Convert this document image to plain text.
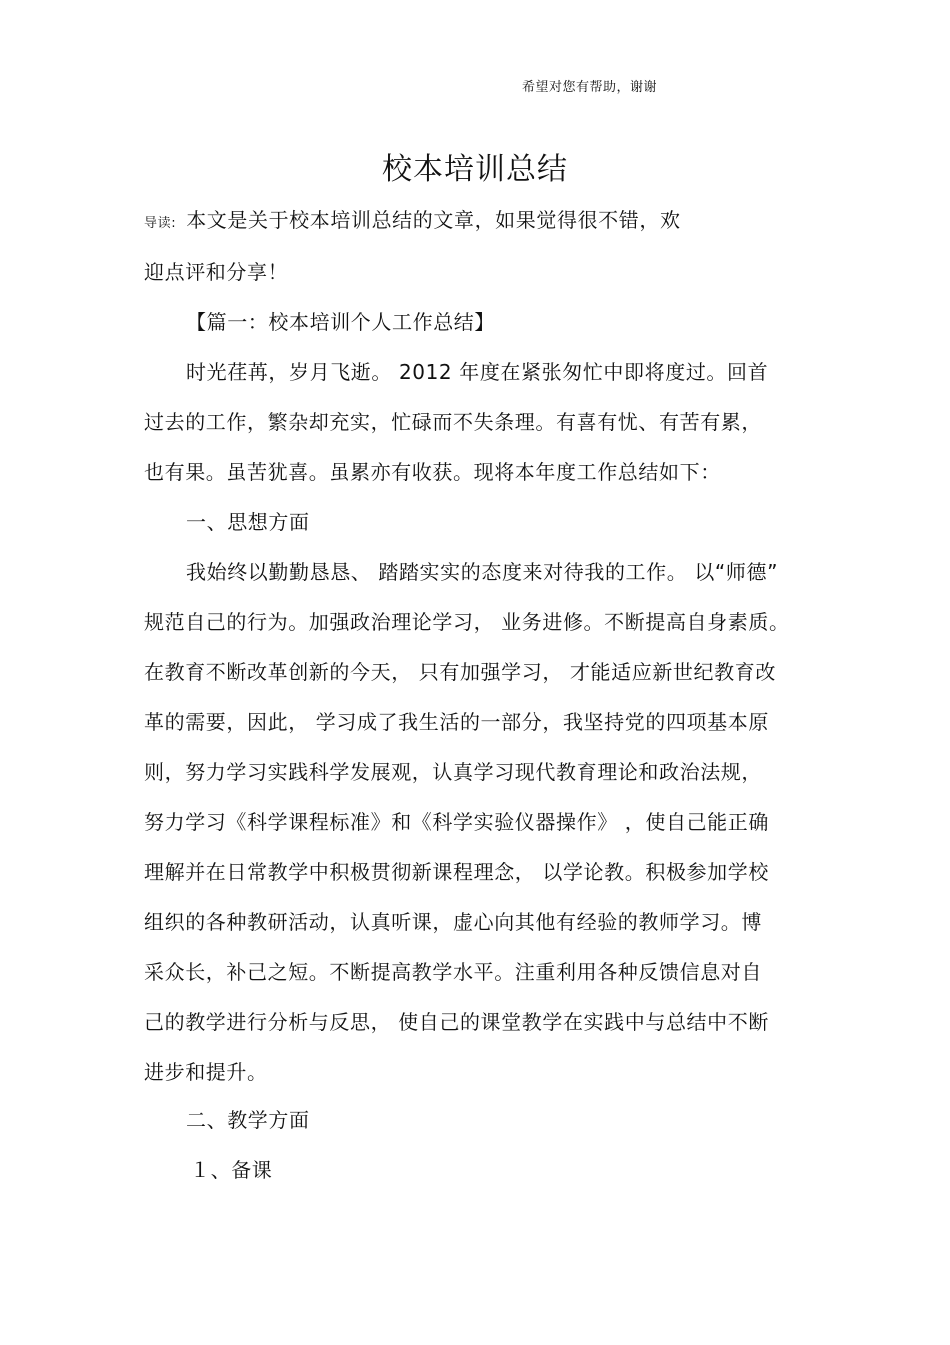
希望对您有帮助，谢谢
校本培训总结
导读: 本文是关于校本培训总结的文章，如果觉得很不错，欢
迎点评和分享！
【篇一：校本培训个人工作总结】
时光荏苒，岁月飞逝。 2012 年度在紧张匆忙中即将度过。回首
过去的工作，繁杂却充实，忙碌而不失条理。有喜有忧、有苦有累，
也有果。虽苦犹喜。虽累亦有收获。现将本年度工作总结如下：
一、思想方面
我始终以勤勤恳恳、 踏踏实实的态度来对待我的工作。 以“师德”
规范自己的行为。加强政治理论学习， 业务进修。不断提高自身素质。
在教育不断改革创新的今天， 只有加强学习， 才能适应新世纪教育改
革的需要，因此， 学习成了我生活的一部分，我坚持党的四项基本原
则，努力学习实践科学发展观，认真学习现代教育理论和政治法规，
努力学习《科学课程标准》和《科学实验仪器操作》 ，使自己能正确
理解并在日常教学中积极贯彻新课程理念， 以学论教。积极参加学校
组织的各种教研活动，认真听课，虚心向其他有经验的教师学习。博
采众长，补己之短。不断提高教学水平。注重利用各种反馈信息对自
己的教学进行分析与反思， 使自己的课堂教学在实践中与总结中不断
进步和提升。
二、教学方面
１、备课
